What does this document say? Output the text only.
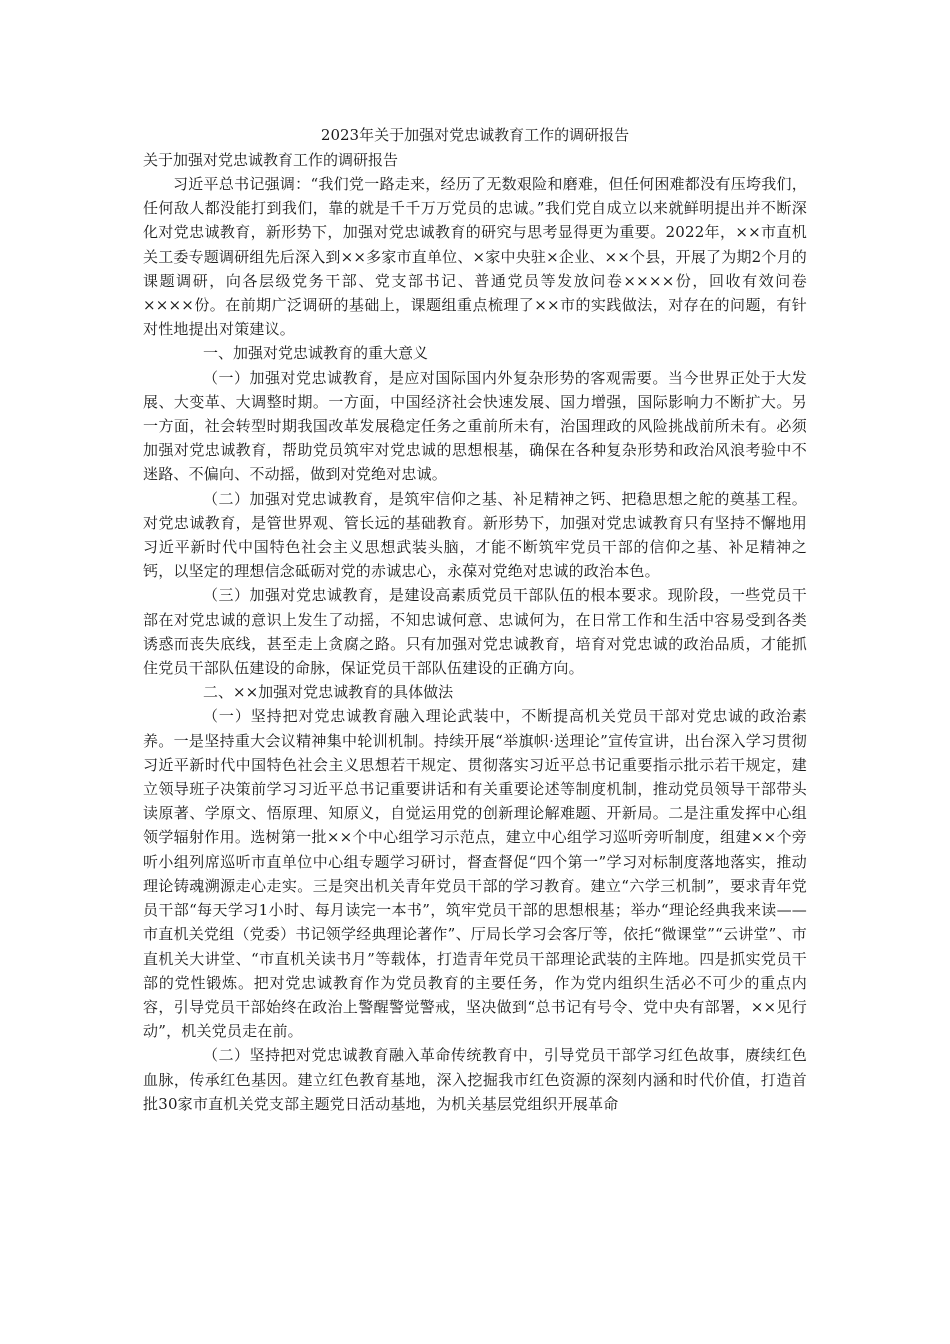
2023年关于加强对党忠诚教育工作的调研报告
关于加强对党忠诚教育工作的调研报告

习近平总书记强调：“我们党一路走来，经历了无数艰险和磨难，但任何困难都没有压垮我们，任何敌人都没能打到我们，靠的就是千千万万党员的忠诚。”我们党自成立以来就鲜明提出并不断深化对党忠诚教育，新形势下，加强对党忠诚教育的研究与思考显得更为重要。2022年，××市直机关工委专题调研组先后深入到××多家市直单位、×家中央驻×企业、××个县，开展了为期2个月的课题调研，向各层级党务干部、党支部书记、普通党员等发放问卷××××份，回收有效问卷××××份。在前期广泛调研的基础上，课题组重点梳理了××市的实践做法，对存在的问题，有针对性地提出对策建议。

一、加强对党忠诚教育的重大意义

（一）加强对党忠诚教育，是应对国际国内外复杂形势的客观需要。当今世界正处于大发展、大变革、大调整时期。一方面，中国经济社会快速发展、国力增强，国际影响力不断扩大。另一方面，社会转型时期我国改革发展稳定任务之重前所未有，治国理政的风险挑战前所未有。必须加强对党忠诚教育，帮助党员筑牢对党忠诚的思想根基，确保在各种复杂形势和政治风浪考验中不迷路、不偏向、不动摇，做到对党绝对忠诚。

（二）加强对党忠诚教育，是筑牢信仰之基、补足精神之钙、把稳思想之舵的奠基工程。对党忠诚教育，是管世界观、管长远的基础教育。新形势下，加强对党忠诚教育只有坚持不懈地用习近平新时代中国特色社会主义思想武装头脑，才能不断筑牢党员干部的信仰之基、补足精神之钙，以坚定的理想信念砥砺对党的赤诚忠心，永葆对党绝对忠诚的政治本色。

（三）加强对党忠诚教育，是建设高素质党员干部队伍的根本要求。现阶段，一些党员干部在对党忠诚的意识上发生了动摇，不知忠诚何意、忠诚何为，在日常工作和生活中容易受到各类诱惑而丧失底线，甚至走上贪腐之路。只有加强对党忠诚教育，培育对党忠诚的政治品质，才能抓住党员干部队伍建设的命脉，保证党员干部队伍建设的正确方向。

二、××加强对党忠诚教育的具体做法

（一）坚持把对党忠诚教育融入理论武装中，不断提高机关党员干部对党忠诚的政治素养。一是坚持重大会议精神集中轮训机制。持续开展“举旗帜·送理论”宣传宣讲，出台深入学习贯彻习近平新时代中国特色社会主义思想若干规定、贯彻落实习近平总书记重要指示批示若干规定，建立领导班子决策前学习习近平总书记重要讲话和有关重要论述等制度机制，推动党员领导干部带头读原著、学原文、悟原理、知原义，自觉运用党的创新理论解难题、开新局。二是注重发挥中心组领学辐射作用。选树第一批××个中心组学习示范点，建立中心组学习巡听旁听制度，组建××个旁听小组列席巡听市直单位中心组专题学习研讨，督查督促“四个第一”学习对标制度落地落实，推动理论铸魂溯源走心走实。三是突出机关青年党员干部的学习教育。建立“六学三机制”，要求青年党员干部“每天学习1小时、每月读完一本书”，筑牢党员干部的思想根基；举办“理论经典我来读——市直机关党组（党委）书记领学经典理论著作”、厅局长学习会客厅等，依托“微课堂”“云讲堂”、市直机关大讲堂、“市直机关读书月”等载体，打造青年党员干部理论武装的主阵地。四是抓实党员干部的党性锻炼。把对党忠诚教育作为党员教育的主要任务，作为党内组织生活必不可少的重点内容，引导党员干部始终在政治上警醒警觉警戒，坚决做到“总书记有号令、党中央有部署，××见行动”，机关党员走在前。

（二）坚持把对党忠诚教育融入革命传统教育中，引导党员干部学习红色故事，赓续红色血脉，传承红色基因。建立红色教育基地，深入挖掘我市红色资源的深刻内涵和时代价值，打造首批30家市直机关党支部主题党日活动基地，为机关基层党组织开展革命
